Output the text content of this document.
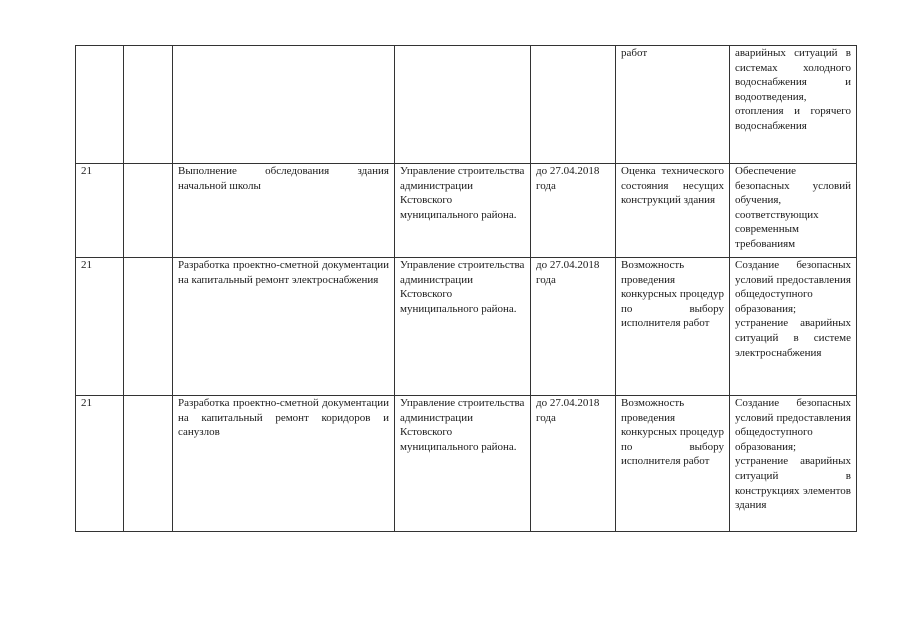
					работ	аварийных ситуаций в системах холодного водоснабжения и водоотведения, отопления и горячего водоснабжения
21		Выполнение обследования здания начальной школы	Управление строительства администрации Кстовского муниципального района.	до 27.04.2018 года	Оценка технического состояния несущих конструкций здания	Обеспечение безопасных условий обучения, соответствующих современным требованиям
21		Разработка проектно-сметной документации на капитальный ремонт электроснабжения	Управление строительства администрации Кстовского муниципального района.	до 27.04.2018 года	Возможность проведения конкурсных процедур по выбору исполнителя работ	Создание безопасных условий предоставления общедоступного образования; устранение аварийных ситуаций в системе электроснабжения
21		Разработка проектно-сметной документации на капитальный ремонт коридоров и санузлов	Управление строительства администрации Кстовского муниципального района.	до 27.04.2018 года	Возможность проведения конкурсных процедур по выбору исполнителя работ	Создание безопасных условий предоставления общедоступного образования; устранение аварийных ситуаций в конструкциях элементов здания
